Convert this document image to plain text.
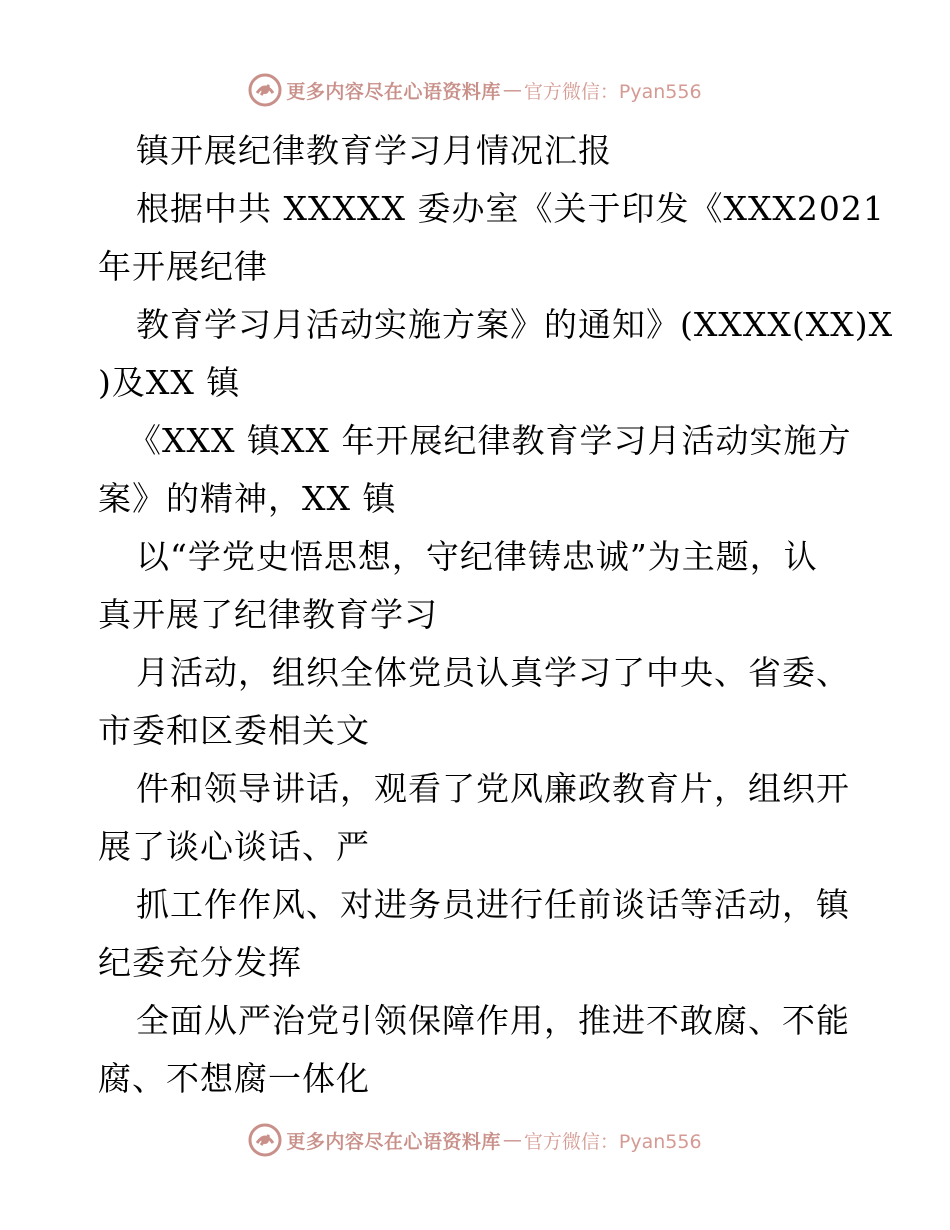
更多内容尽在心语资料库 — 官方微信：Pyan556
镇开展纪律教育学习月情况汇报
根据中共 XXXXX 委办室《关于印发《XXX2021
年开展纪律
教育学习月活动实施方案》的通知》(XXXX(XX)X
)及XX 镇
《XXX 镇XX 年开展纪律教育学习月活动实施方
案》的精神，XX 镇
以“学党史悟思想，守纪律铸忠诚”为主题，认
真开展了纪律教育学习
月活动，组织全体党员认真学习了中央、省委、
市委和区委相关文
件和领导讲话，观看了党风廉政教育片，组织开
展了谈心谈话、严
抓工作作风、对进务员进行任前谈话等活动，镇
纪委充分发挥
全面从严治党引领保障作用，推进不敢腐、不能
腐、不想腐一体化
更多内容尽在心语资料库 — 官方微信：Pyan556
